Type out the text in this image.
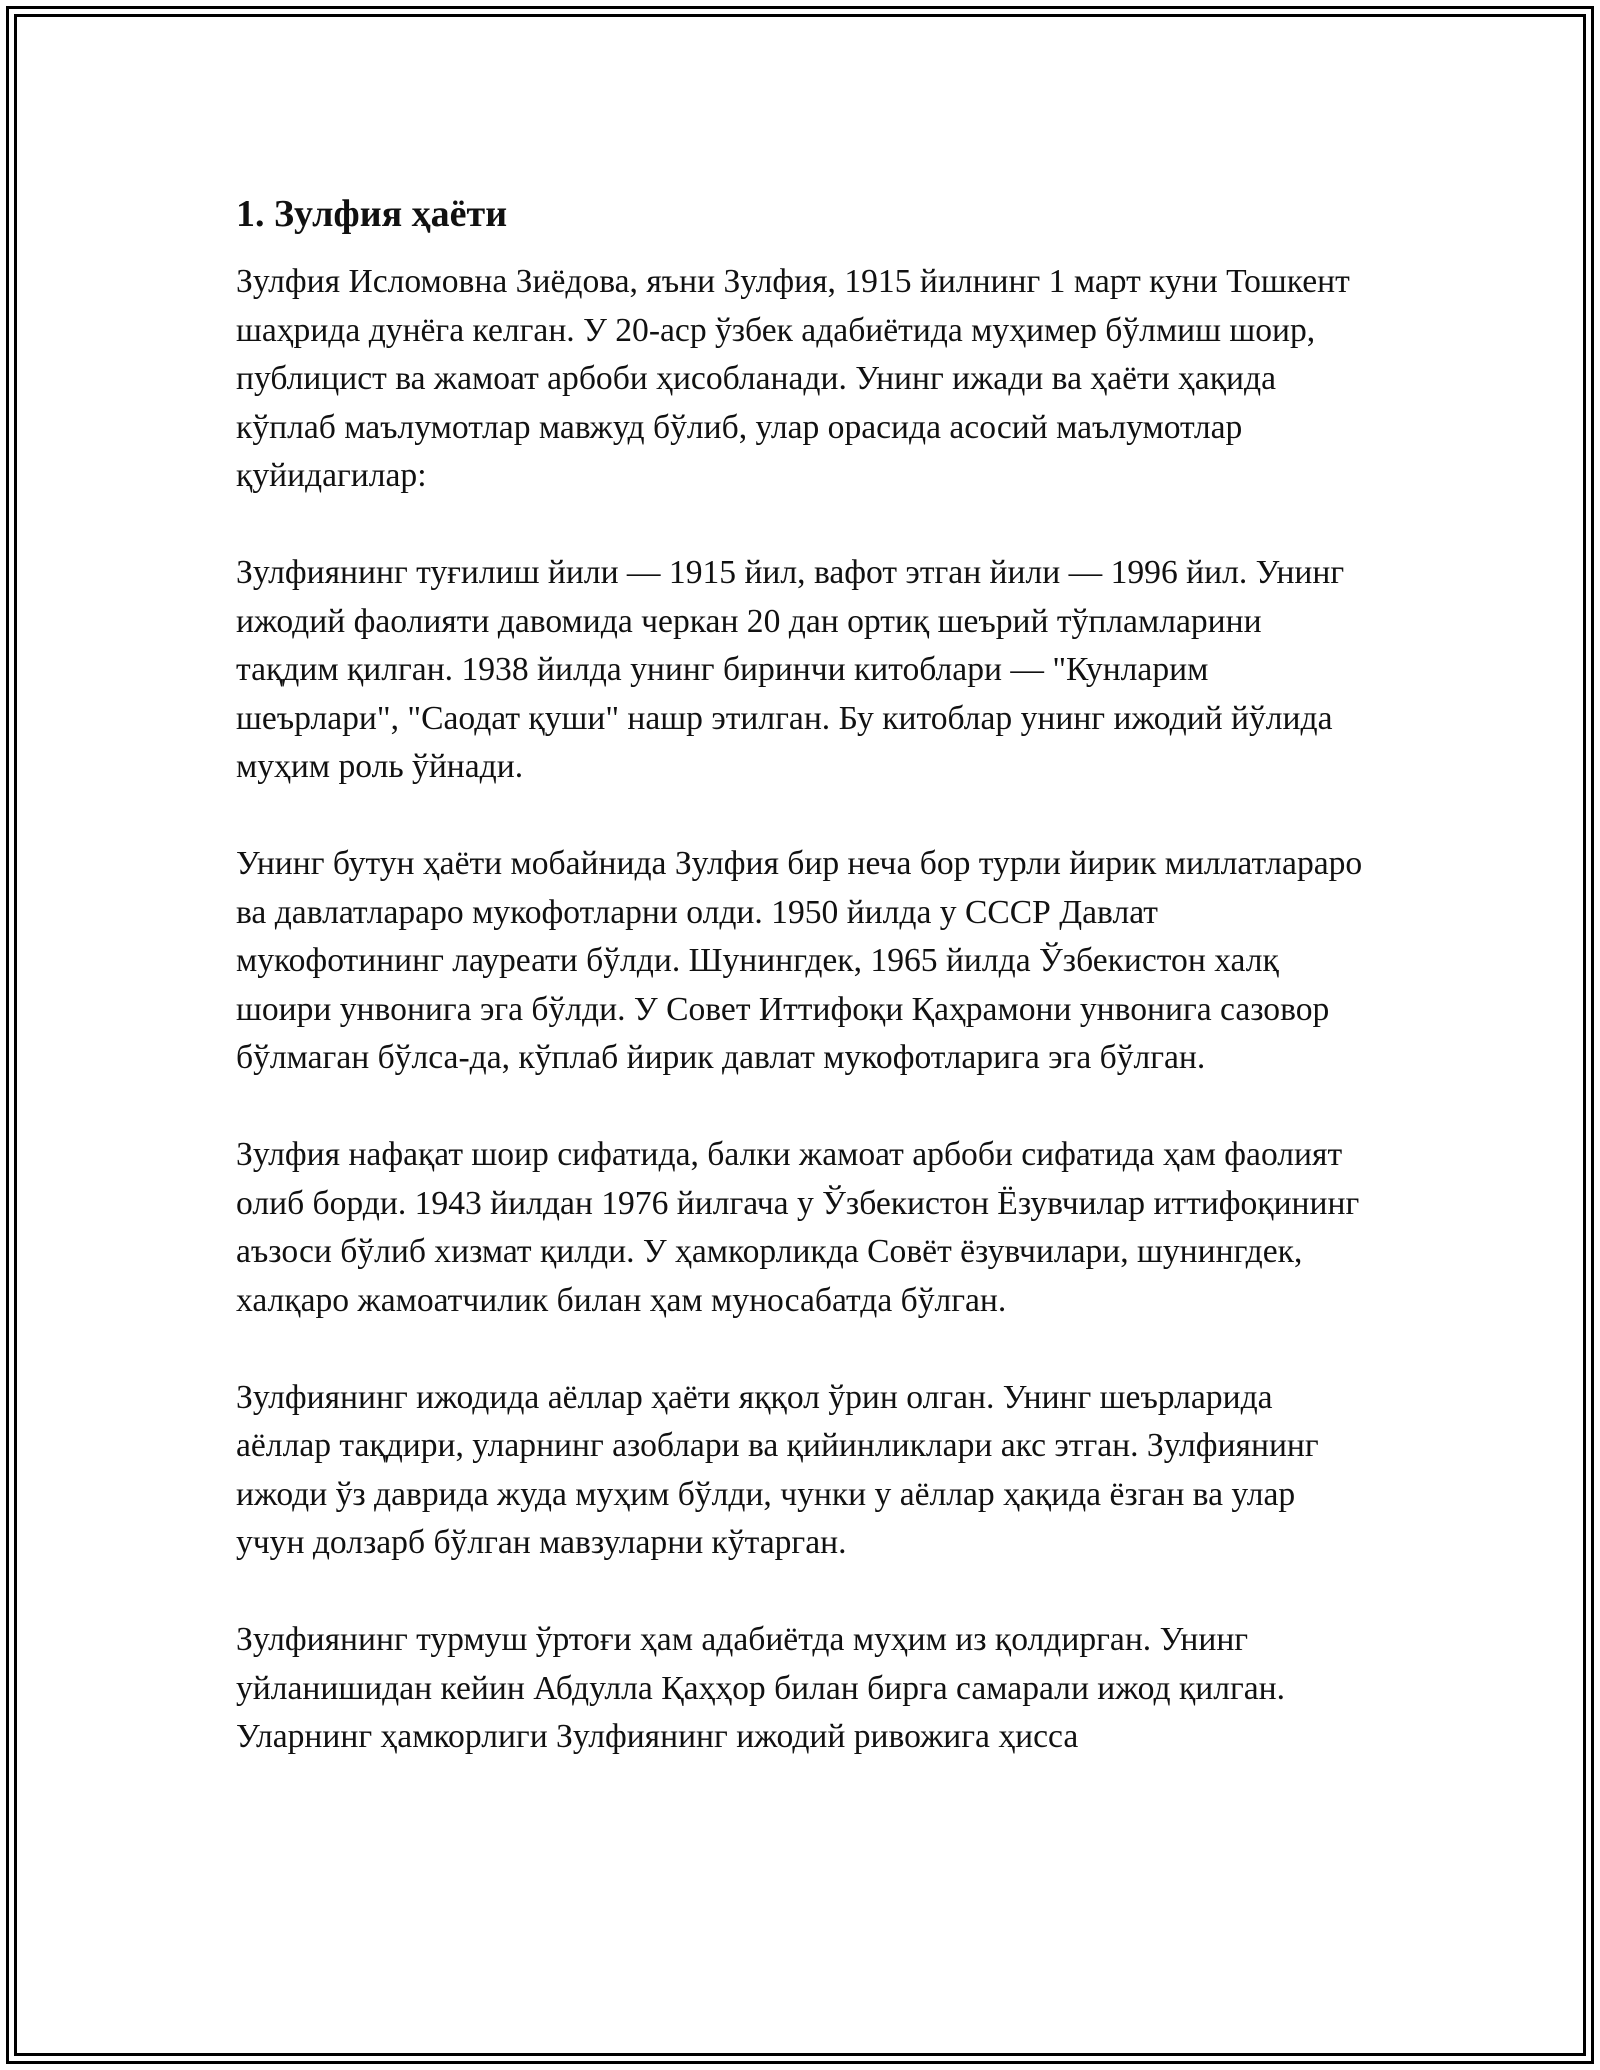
1. Зулфия ҳаёти

Зулфия Исломовна Зиёдова, яъни Зулфия, 1915 йилнинг 1 март куни Тошкент шаҳрида дунёга келган. У 20-аср ўзбек адабиётида муҳимер бўлмиш шоир, публицист ва жамоат арбоби ҳисобланади. Унинг ижади ва ҳаёти ҳақида кўплаб маълумотлар мавжуд бўлиб, улар орасида асосий маълумотлар қуйидагилар:

Зулфиянинг туғилиш йили — 1915 йил, вафот этган йили — 1996 йил. Унинг ижодий фаолияти давомида черкан 20 дан ортиқ шеърий тўпламларини тақдим қилган. 1938 йилда унинг биринчи китоблари — "Кунларим шеърлари", "Саодат қуши" нашр этилган. Бу китоблар унинг ижодий йўлида муҳим роль ўйнади.

Унинг бутун ҳаёти мобайнида Зулфия бир неча бор турли йирик миллатлараро ва давлатлараро мукофотларни олди. 1950 йилда у СССР Давлат мукофотининг лауреати бўлди. Шунингдек, 1965 йилда Ўзбекистон халқ шоири унвонига эга бўлди. У Совет Иттифоқи Қаҳрамони унвонига сазовор бўлмаган бўлса-да, кўплаб йирик давлат мукофотларига эга бўлган.

Зулфия нафақат шоир сифатида, балки жамоат арбоби сифатида ҳам фаолият олиб борди. 1943 йилдан 1976 йилгача у Ўзбекистон Ёзувчилар иттифоқининг аъзоси бўлиб хизмат қилди. У ҳамкорликда Совёт ёзувчилари, шунингдек, халқаро жамоатчилик билан ҳам муносабатда бўлган.

Зулфиянинг ижодида аёллар ҳаёти яққол ўрин олган. Унинг шеърларида аёллар тақдири, уларнинг азоблари ва қийинликлари акс этган. Зулфиянинг ижоди ўз даврида жуда муҳим бўлди, чунки у аёллар ҳақида ёзган ва улар учун долзарб бўлган мавзуларни кўтарган.

Зулфиянинг турмуш ўртоғи ҳам адабиётда муҳим из қолдирган. Унинг уйланишидан кейин Абдулла Қаҳҳор билан бирга самарали ижод қилган. Уларнинг ҳамкорлиги Зулфиянинг ижодий ривожига ҳисса
